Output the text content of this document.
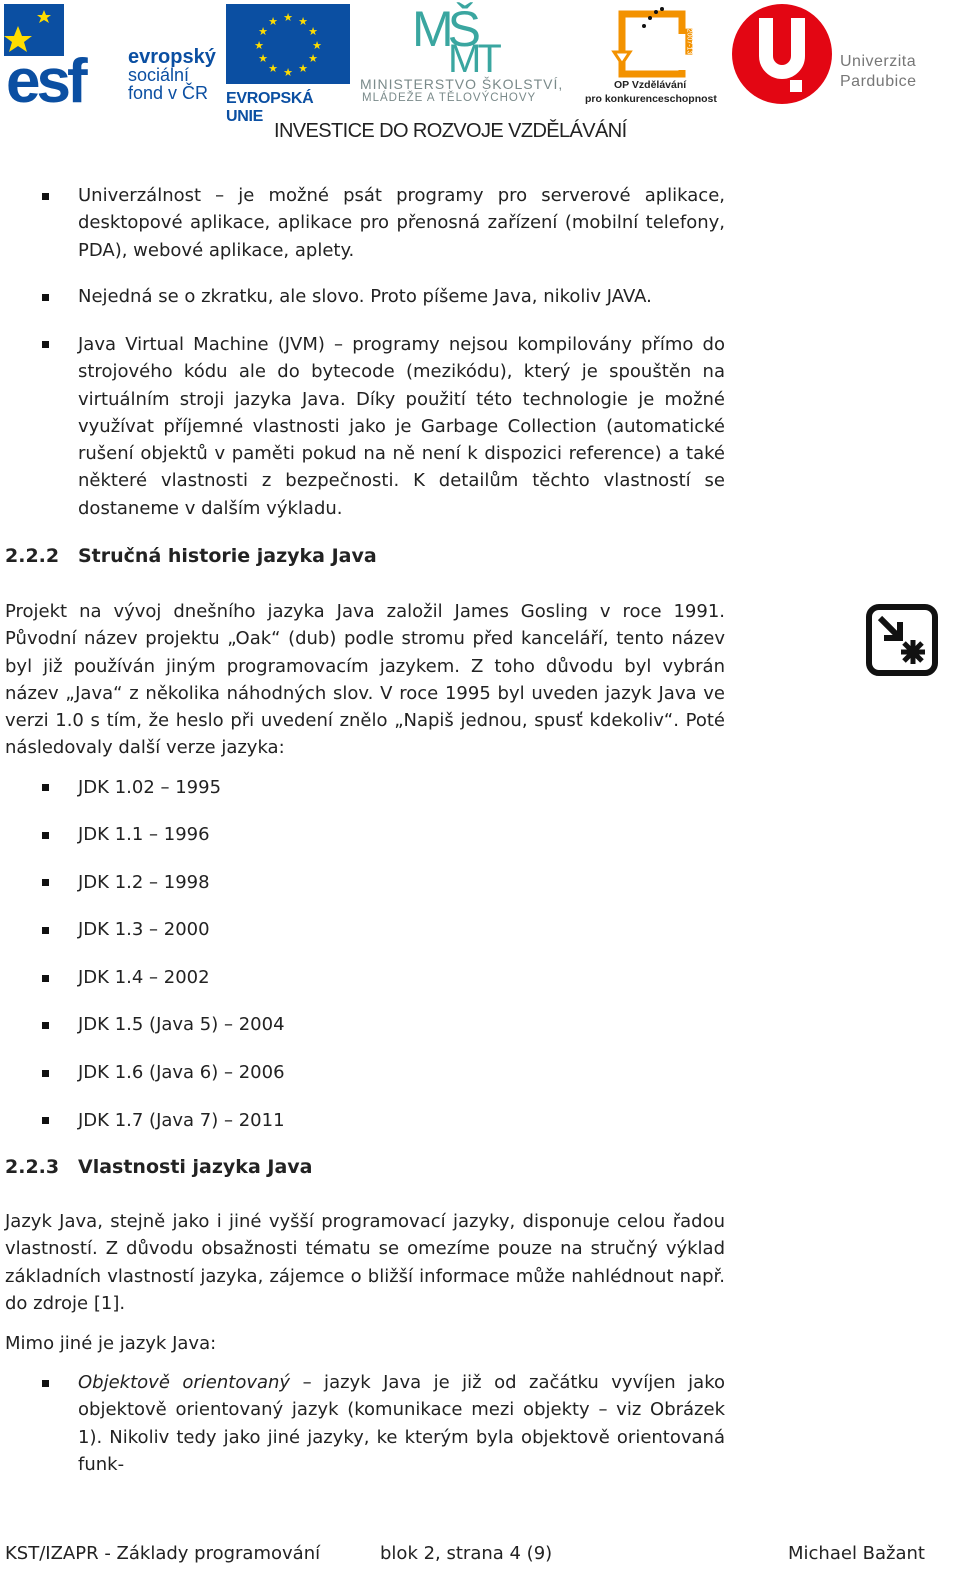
esf evropský
sociální
fond v ČR
★ ★
★
★
★
★
★
★
★
★
★
★
EVROPSKÁ UNIE
MŠ
MT
MINISTERSTVO ŠKOLSTVÍ,
MLÁDEŽE A TĚLOVÝCHOVY
2007-13
OP Vzdělávání
pro konkurenceschopnost
Univerzita
Pardubice
INVESTICE DO ROZVOJE VZDĚLÁVÁNÍ
Univerzálnost – je možné psát programy pro serverové aplikace, desktopové aplikace, aplikace pro přenosná zařízení (mobilní telefony, PDA), webové aplikace, aplety.
Nejedná se o zkratku, ale slovo. Proto píšeme Java, nikoliv JAVA.
Java Virtual Machine (JVM) – programy nejsou kompilovány přímo do strojového kódu ale do bytecode (mezikódu), který je spouštěn na virtuálním stroji jazyka Java. Díky použití této technologie je možné využívat příjemné vlastnosti jako je Garbage Collection (automatické rušení objektů v paměti pokud na ně není k dispozici reference) a také některé vlastnosti z bezpečnosti. K detailům těchto vlastností se dostaneme v dalším výkladu.
2.2.2 Stručná historie jazyka Java
Projekt na vývoj dnešního jazyka Java založil James Gosling v roce 1991. Původní název projektu „Oak“ (dub) podle stromu před kanceláří, tento název byl již používán jiným programovacím jazykem. Z toho důvodu byl vybrán název „Java“ z několika náhodných slov. V roce 1995 byl uveden jazyk Java ve verzi 1.0 s tím, že heslo při uvedení znělo „Napiš jednou, spusť kdekoliv“. Poté následovaly další verze jazyka:
JDK 1.02 – 1995
JDK 1.1 – 1996
JDK 1.2 – 1998
JDK 1.3 – 2000
JDK 1.4 – 2002
JDK 1.5 (Java 5) – 2004
JDK 1.6 (Java 6) – 2006
JDK 1.7 (Java 7) – 2011
2.2.3 Vlastnosti jazyka Java
Jazyk Java, stejně jako i jiné vyšší programovací jazyky, disponuje celou řadou vlastností. Z důvodu obsažnosti tématu se omezíme pouze na stručný výklad základních vlastností jazyka, zájemce o bližší informace může nahlédnout např. do zdroje [1].
Mimo jiné je jazyk Java:
Objektově orientovaný – jazyk Java je již od začátku vyvíjen jako objektově orientovaný jazyk (komunikace mezi objekty – viz Obrázek 1). Nikoliv tedy jako jiné jazyky, ke kterým byla objektově orientovaná funk-
KST/IZAPR - Základy programování	blok 2, strana 4 (9)	Michael Bažant
